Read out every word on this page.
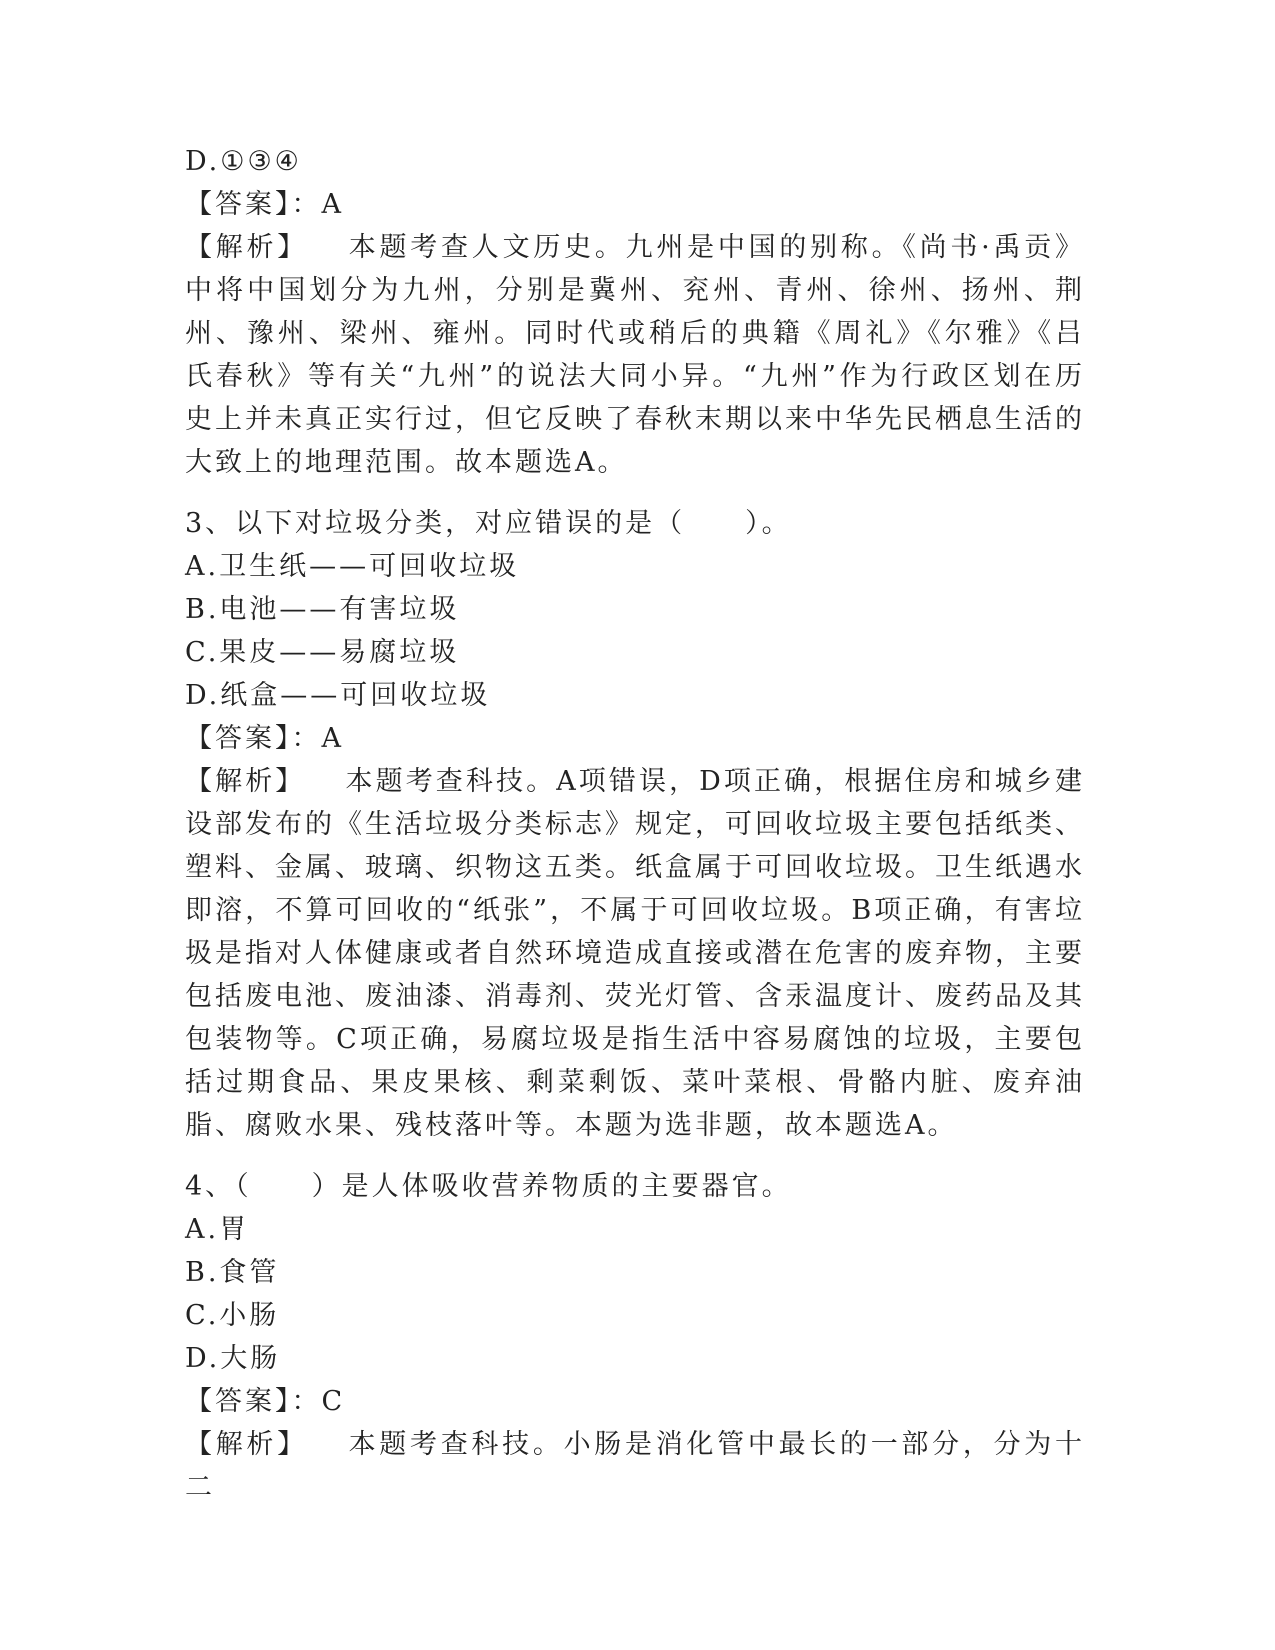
D.①③④
【答案】：A
【解析】 本题考查人文历史。九州是中国的别称。《尚书·禹贡》中将中国划分为九州，分别是冀州、兖州、青州、徐州、扬州、荆州、豫州、梁州、雍州。同时代或稍后的典籍《周礼》《尔雅》《吕氏春秋》等有关“九州”的说法大同小异。“九州”作为行政区划在历史上并未真正实行过，但它反映了春秋末期以来中华先民栖息生活的大致上的地理范围。故本题选A。
3、以下对垃圾分类，对应错误的是（　　）。
A.卫生纸——可回收垃圾
B.电池——有害垃圾
C.果皮——易腐垃圾
D.纸盒——可回收垃圾
【答案】：A
【解析】 本题考查科技。A项错误，D项正确，根据住房和城乡建设部发布的《生活垃圾分类标志》规定，可回收垃圾主要包括纸类、塑料、金属、玻璃、织物这五类。纸盒属于可回收垃圾。卫生纸遇水即溶，不算可回收的“纸张”，不属于可回收垃圾。B项正确，有害垃圾是指对人体健康或者自然环境造成直接或潜在危害的废弃物，主要包括废电池、废油漆、消毒剂、荧光灯管、含汞温度计、废药品及其包装物等。C项正确，易腐垃圾是指生活中容易腐蚀的垃圾，主要包括过期食品、果皮果核、剩菜剩饭、菜叶菜根、骨骼内脏、废弃油脂、腐败水果、残枝落叶等。本题为选非题，故本题选A。
4、（　　）是人体吸收营养物质的主要器官。
A.胃
B.食管
C.小肠
D.大肠
【答案】：C
【解析】 本题考查科技。小肠是消化管中最长的一部分，分为十二
